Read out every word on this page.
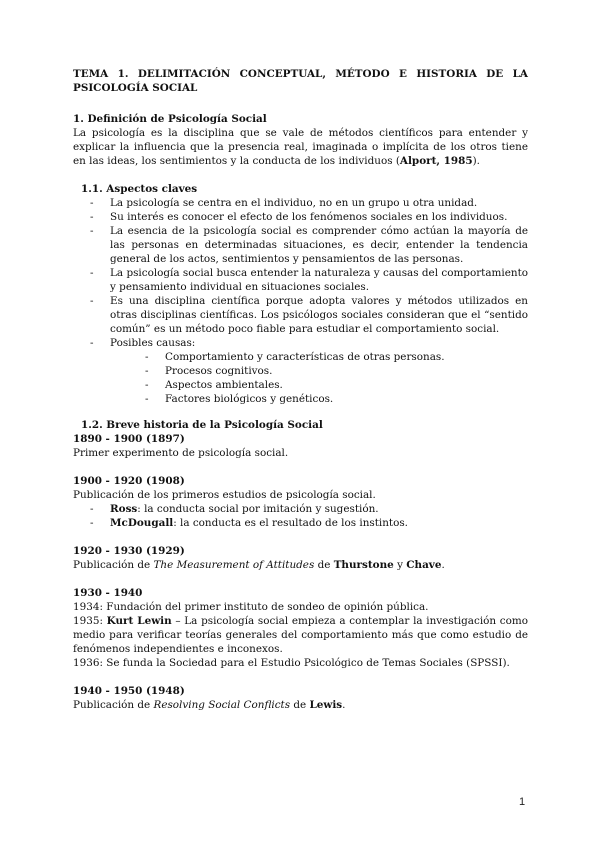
TEMA 1. DELIMITACIÓN CONCEPTUAL, MÉTODO E HISTORIA DE LA PSICOLOGÍA SOCIAL

1. Definición de Psicología Social

La psicología es la disciplina que se vale de métodos científicos para entender y explicar la influencia que la presencia real, imaginada o implícita de los otros tiene en las ideas, los sentimientos y la conducta de los individuos (Alport, 1985).

1.1. Aspectos claves

- La psicología se centra en el individuo, no en un grupo u otra unidad.
- Su interés es conocer el efecto de los fenómenos sociales en los individuos.
- La esencia de la psicología social es comprender cómo actúan la mayoría de las personas en determinadas situaciones, es decir, entender la tendencia general de los actos, sentimientos y pensamientos de las personas.
- La psicología social busca entender la naturaleza y causas del comportamiento y pensamiento individual en situaciones sociales.
- Es una disciplina científica porque adopta valores y métodos utilizados en otras disciplinas científicas. Los psicólogos sociales consideran que el “sentido común” es un método poco fiable para estudiar el comportamiento social.
- Posibles causas:
- Comportamiento y características de otras personas.
- Procesos cognitivos.
- Aspectos ambientales.
- Factores biológicos y genéticos.

1.2. Breve historia de la Psicología Social

1890 - 1900 (1897)

Primer experimento de psicología social.

1900 - 1920 (1908)

Publicación de los primeros estudios de psicología social.

- Ross: la conducta social por imitación y sugestión.
- McDougall: la conducta es el resultado de los instintos.

1920 - 1930 (1929)

Publicación de The Measurement of Attitudes de Thurstone y Chave.

1930 - 1940

1934: Fundación del primer instituto de sondeo de opinión pública.

1935: Kurt Lewin – La psicología social empieza a contemplar la investigación como medio para verificar teorías generales del comportamiento más que como estudio de fenómenos independientes e inconexos.

1936: Se funda la Sociedad para el Estudio Psicológico de Temas Sociales (SPSSI).

1940 - 1950 (1948)

Publicación de Resolving Social Conflicts de Lewis.

1
